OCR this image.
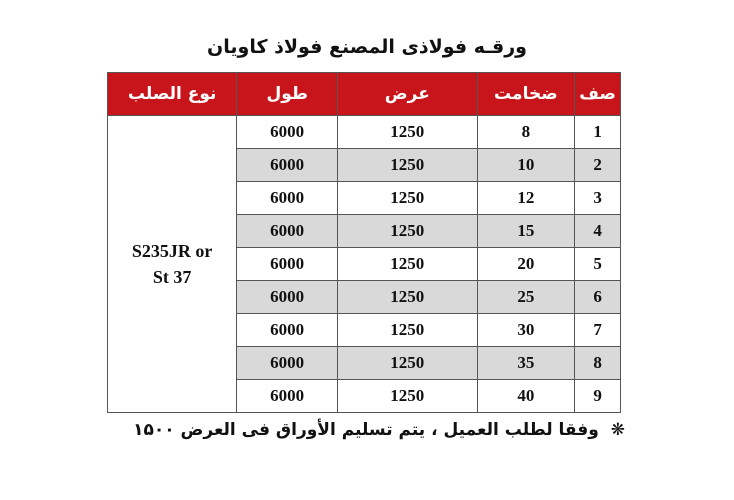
ورقـه فولاذی المصنع فولاذ کاویان
صف	ضخامت	عرض	طول	نوع الصلب
1	8	1250	6000	S235JR or
St 37
2	10	1250	6000	
3	12	1250	6000	
4	15	1250	6000	
5	20	1250	6000	
6	25	1250	6000	
7	30	1250	6000	
8	35	1250	6000	
9	40	1250	6000	
❋ وفقا لطلب العميل ، يتم تسليم الأوراق فی العرض ۱۵۰۰
